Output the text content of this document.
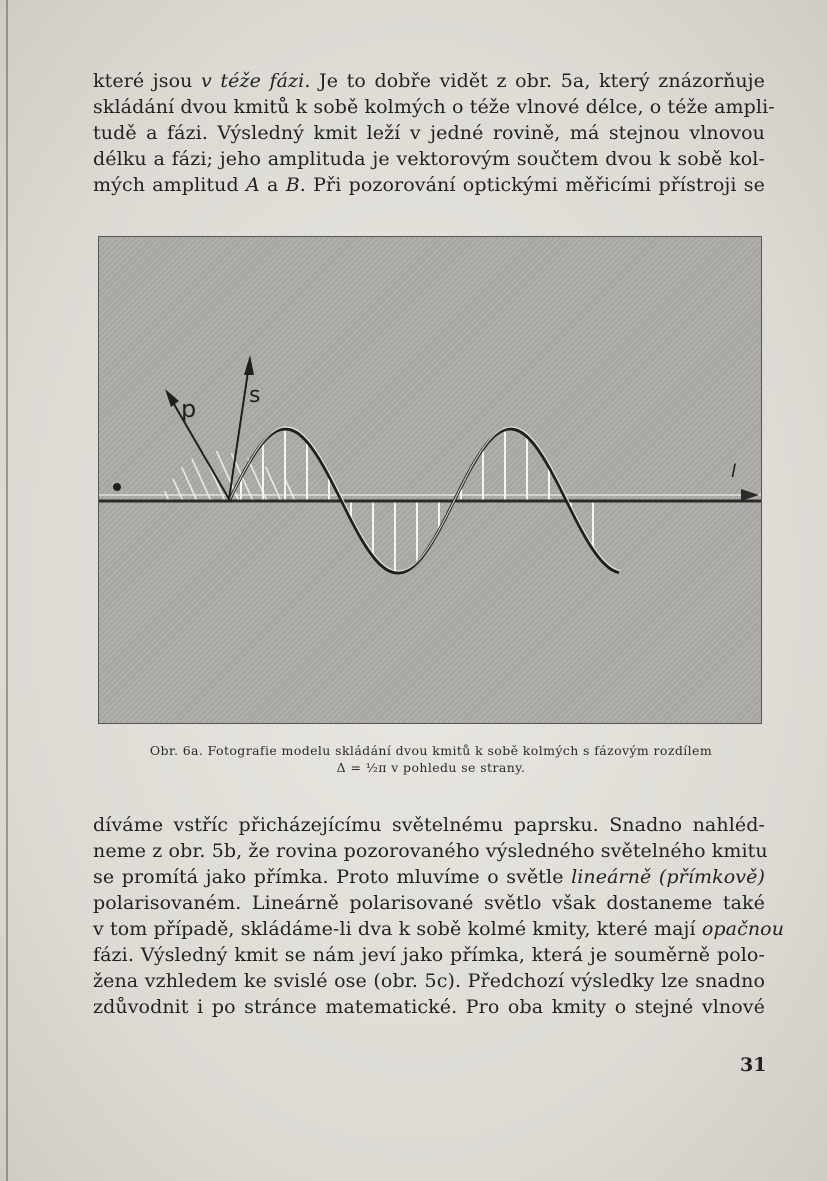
které jsou v téže fázi. Je to dobře vidět z obr. 5a, který znázorňuje
skládání dvou kmitů k sobě kolmých o téže vlnové délce, o téže ampli-
tudě a fázi. Výsledný kmit leží v jedné rovině, má stejnou vlnovou
délku a fázi; jeho amplituda je vektorovým součtem dvou k sobě kol-
mých amplitud A a B. Při pozorování optickými měřicími přístroji se
p s
l
Obr. 6a. Fotografie modelu skládání dvou kmitů k sobě kolmých s fázovým rozdílem
Δ = ½π v pohledu se strany.
díváme vstříc přicházejícímu světelnému paprsku. Snadno nahléd-
neme z obr. 5b, že rovina pozorovaného výsledného světelného kmitu
se promítá jako přímka. Proto mluvíme o světle lineárně (přímkově)
polarisovaném. Lineárně polarisované světlo však dostaneme také
v tom případě, skládáme-li dva k sobě kolmé kmity, které mají opačnou
fázi. Výsledný kmit se nám jeví jako přímka, která je souměrně polo-
žena vzhledem ke svislé ose (obr. 5c). Předchozí výsledky lze snadno
zdůvodnit i po stránce matematické. Pro oba kmity o stejné vlnové
31
